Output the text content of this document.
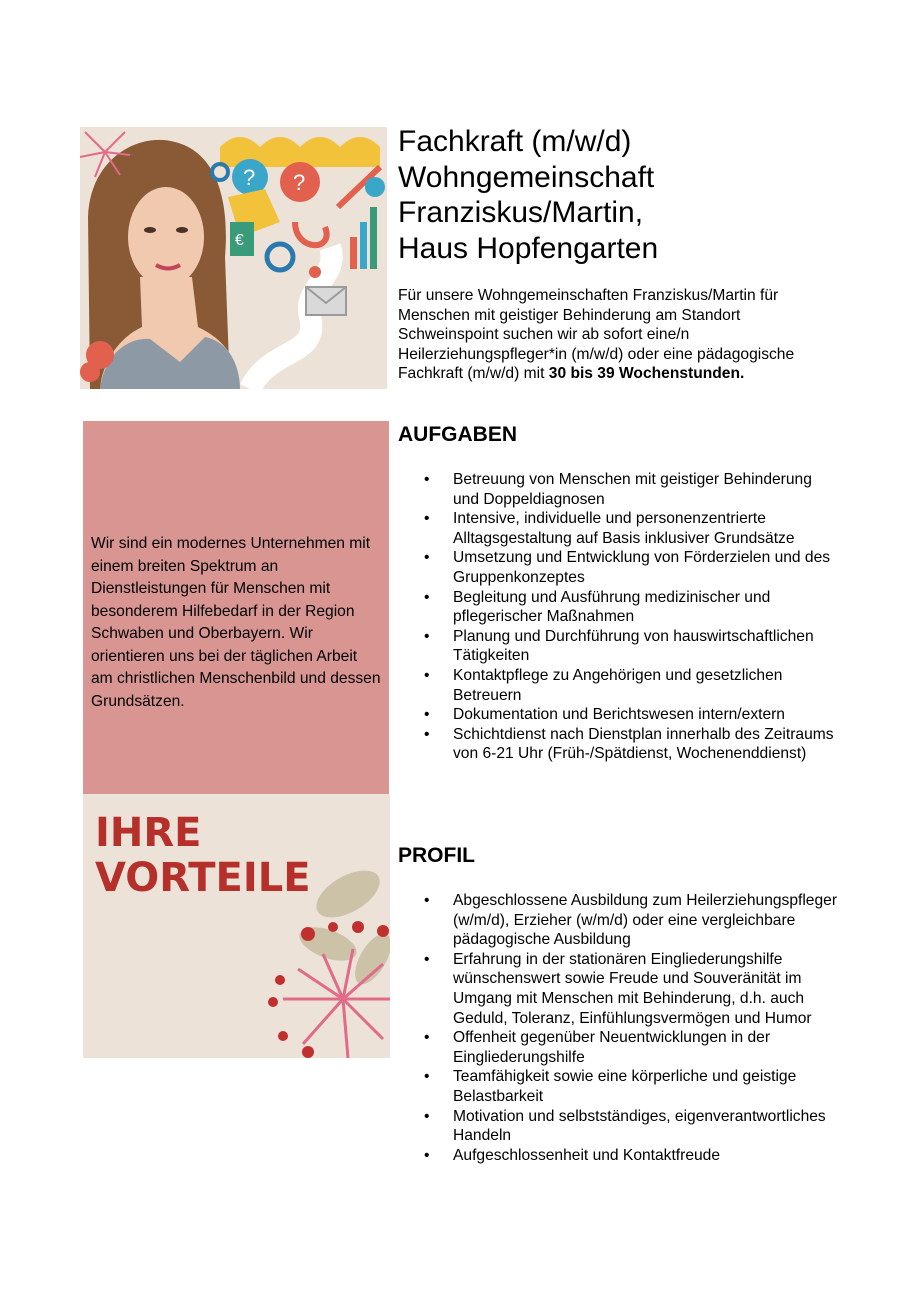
? ?
€
Fachkraft (m/w/d)
Wohngemeinschaft
Franziskus/Martin,
Haus Hopfengarten

Für unsere Wohngemeinschaften Franziskus/Martin für Menschen mit geistiger Behinderung am Standort Schweinspoint suchen wir ab sofort eine/n Heilerziehungspfleger*in (m/w/d) oder eine pädagogische Fachkraft (m/w/d) mit 30 bis 39 Wochenstunden.

Wir sind ein modernes Unternehmen mit einem breiten Spektrum an Dienstleistungen für Menschen mit besonderem Hilfebedarf in der Region Schwaben und Oberbayern. Wir orientieren uns bei der täglichen Arbeit am christlichen Menschenbild und dessen Grundsätzen.

IHRE
VORTEILE
AUFGABEN
• Betreuung von Menschen mit geistiger Behinderung und Doppeldiagnosen
• Intensive, individuelle und personenzentrierte Alltagsgestaltung auf Basis inklusiver Grundsätze
• Umsetzung und Entwicklung von Förderzielen und des Gruppenkonzeptes
• Begleitung und Ausführung medizinischer und pflegerischer Maßnahmen
• Planung und Durchführung von hauswirtschaftlichen Tätigkeiten
• Kontaktpflege zu Angehörigen und gesetzlichen Betreuern
• Dokumentation und Berichtswesen intern/extern
• Schichtdienst nach Dienstplan innerhalb des Zeitraums von 6-21 Uhr (Früh-/Spätdienst, Wochenenddienst)
PROFIL
• Abgeschlossene Ausbildung zum Heilerziehungspfleger (w/m/d), Erzieher (w/m/d) oder eine vergleichbare pädagogische Ausbildung
• Erfahrung in der stationären Eingliederungshilfe wünschenswert sowie Freude und Souveränität im Umgang mit Menschen mit Behinderung, d.h. auch Geduld, Toleranz, Einfühlungsvermögen und Humor
• Offenheit gegenüber Neuentwicklungen in der Eingliederungshilfe
• Teamfähigkeit sowie eine körperliche und geistige Belastbarkeit
• Motivation und selbstständiges, eigenverantwortliches Handeln
• Aufgeschlossenheit und Kontaktfreude
